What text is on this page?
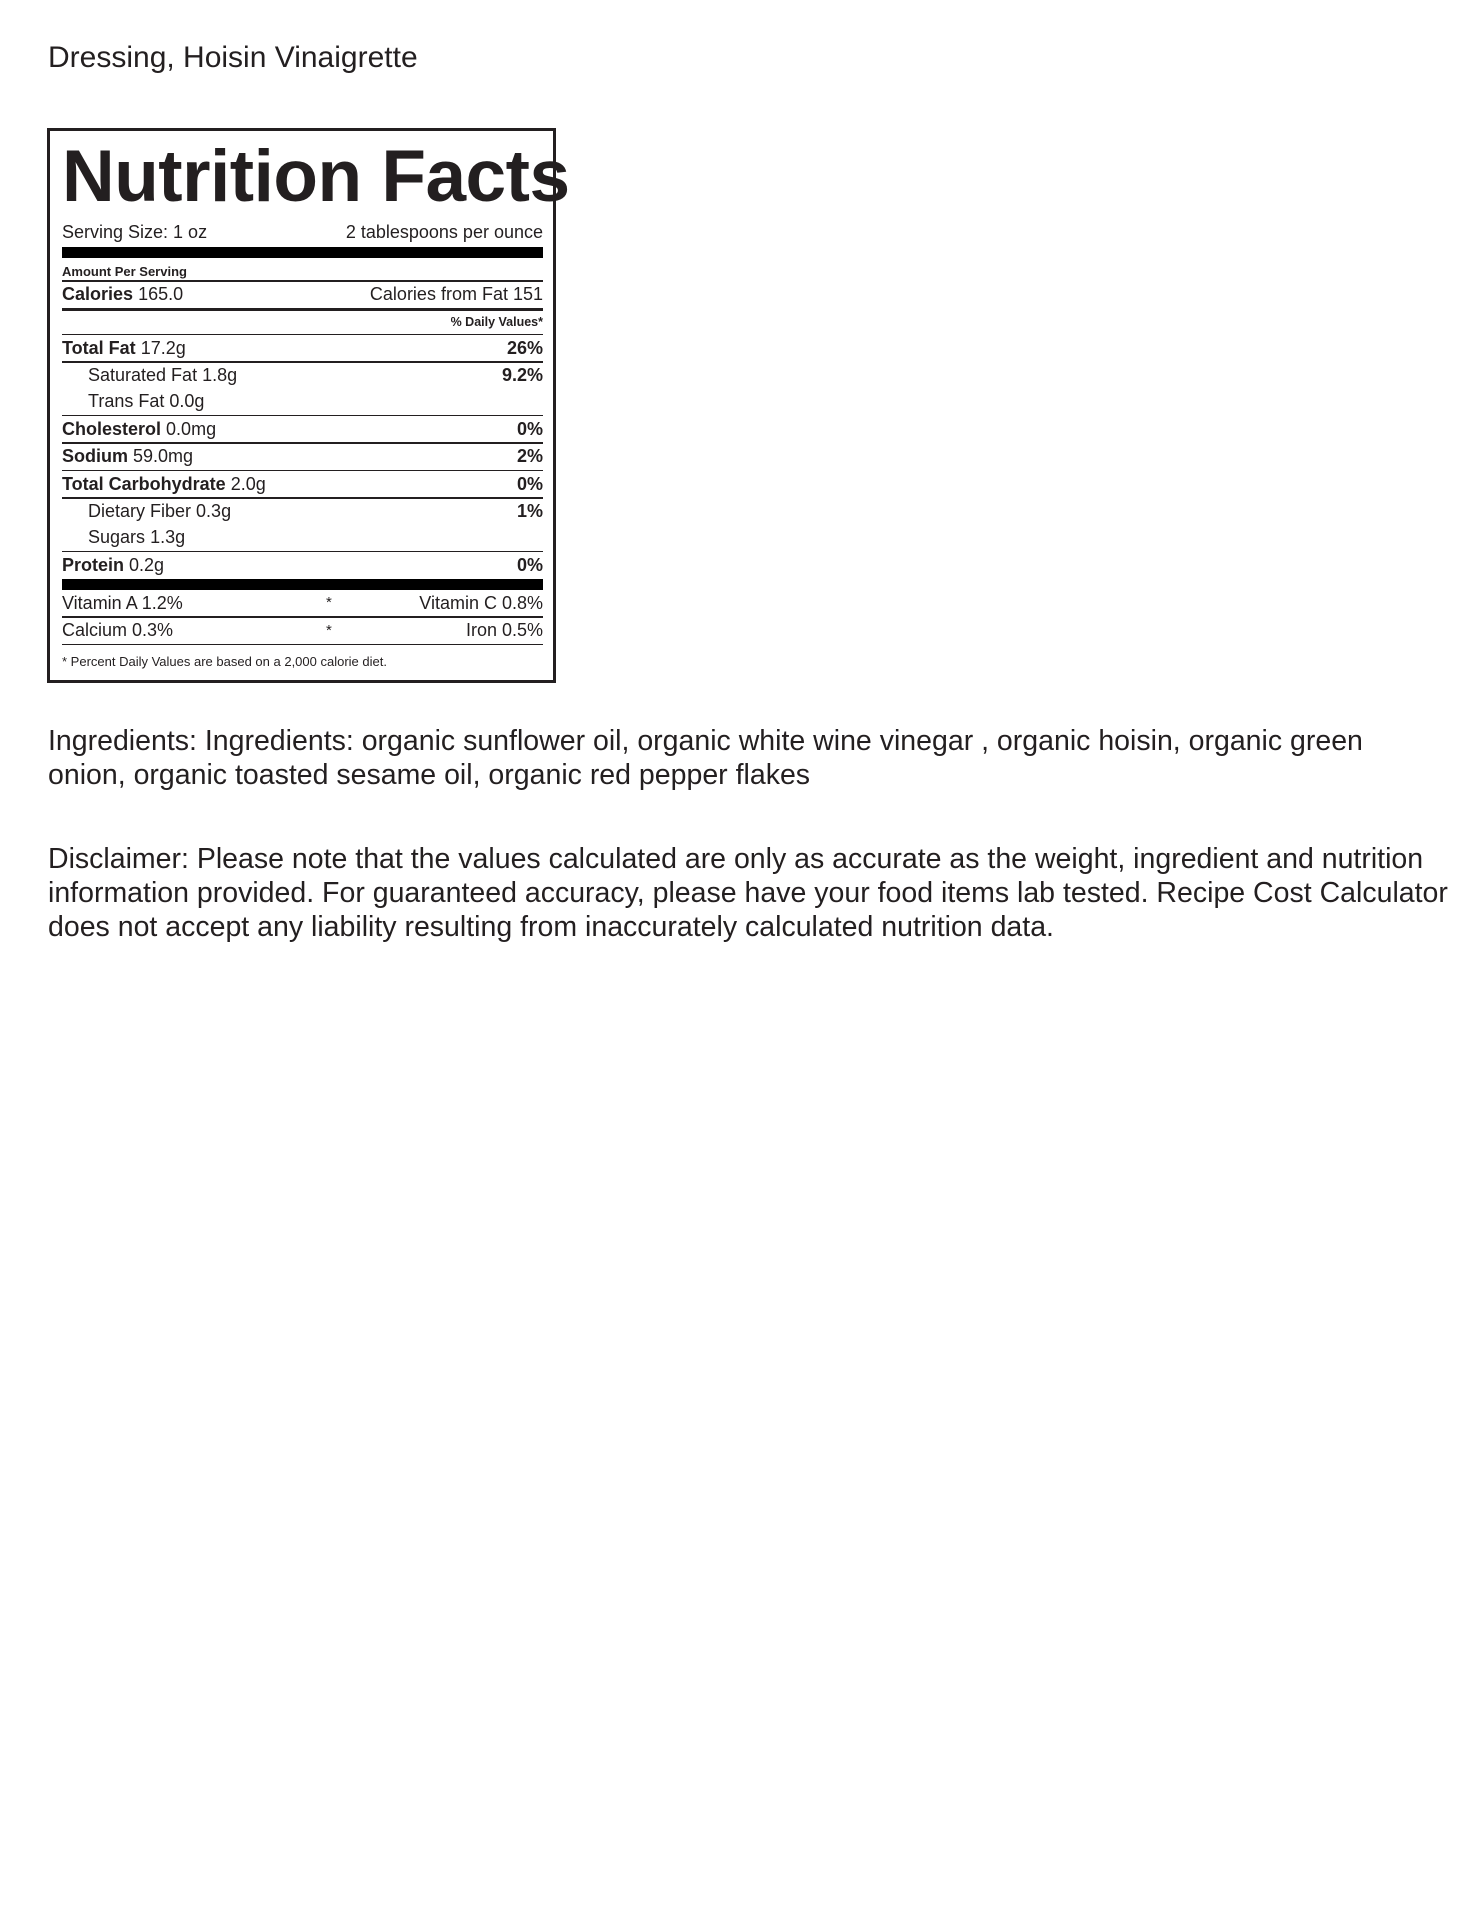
Dressing, Hoisin Vinaigrette
Nutrition Facts
Serving Size: 1 oz	2 tablespoons per ounce
Amount Per Serving
Calories 165.0	Calories from Fat 151
% Daily Values*
Total Fat 17.2g	26%
Saturated Fat 1.8g	9.2%
Trans Fat 0.0g
Cholesterol 0.0mg	0%
Sodium 59.0mg	2%
Total Carbohydrate 2.0g	0%
Dietary Fiber 0.3g	1%
Sugars 1.3g
Protein 0.2g	0%
Vitamin A 1.2%	*	Vitamin C 0.8%
Calcium 0.3%	*	Iron 0.5%
* Percent Daily Values are based on a 2,000 calorie diet.
Ingredients: Ingredients: organic sunflower oil, organic white wine vinegar , organic hoisin, organic green onion, organic toasted sesame oil, organic red pepper flakes
Disclaimer: Please note that the values calculated are only as accurate as the weight, ingredient and nutrition information provided. For guaranteed accuracy, please have your food items lab tested. Recipe Cost Calculator does not accept any liability resulting from inaccurately calculated nutrition data.
